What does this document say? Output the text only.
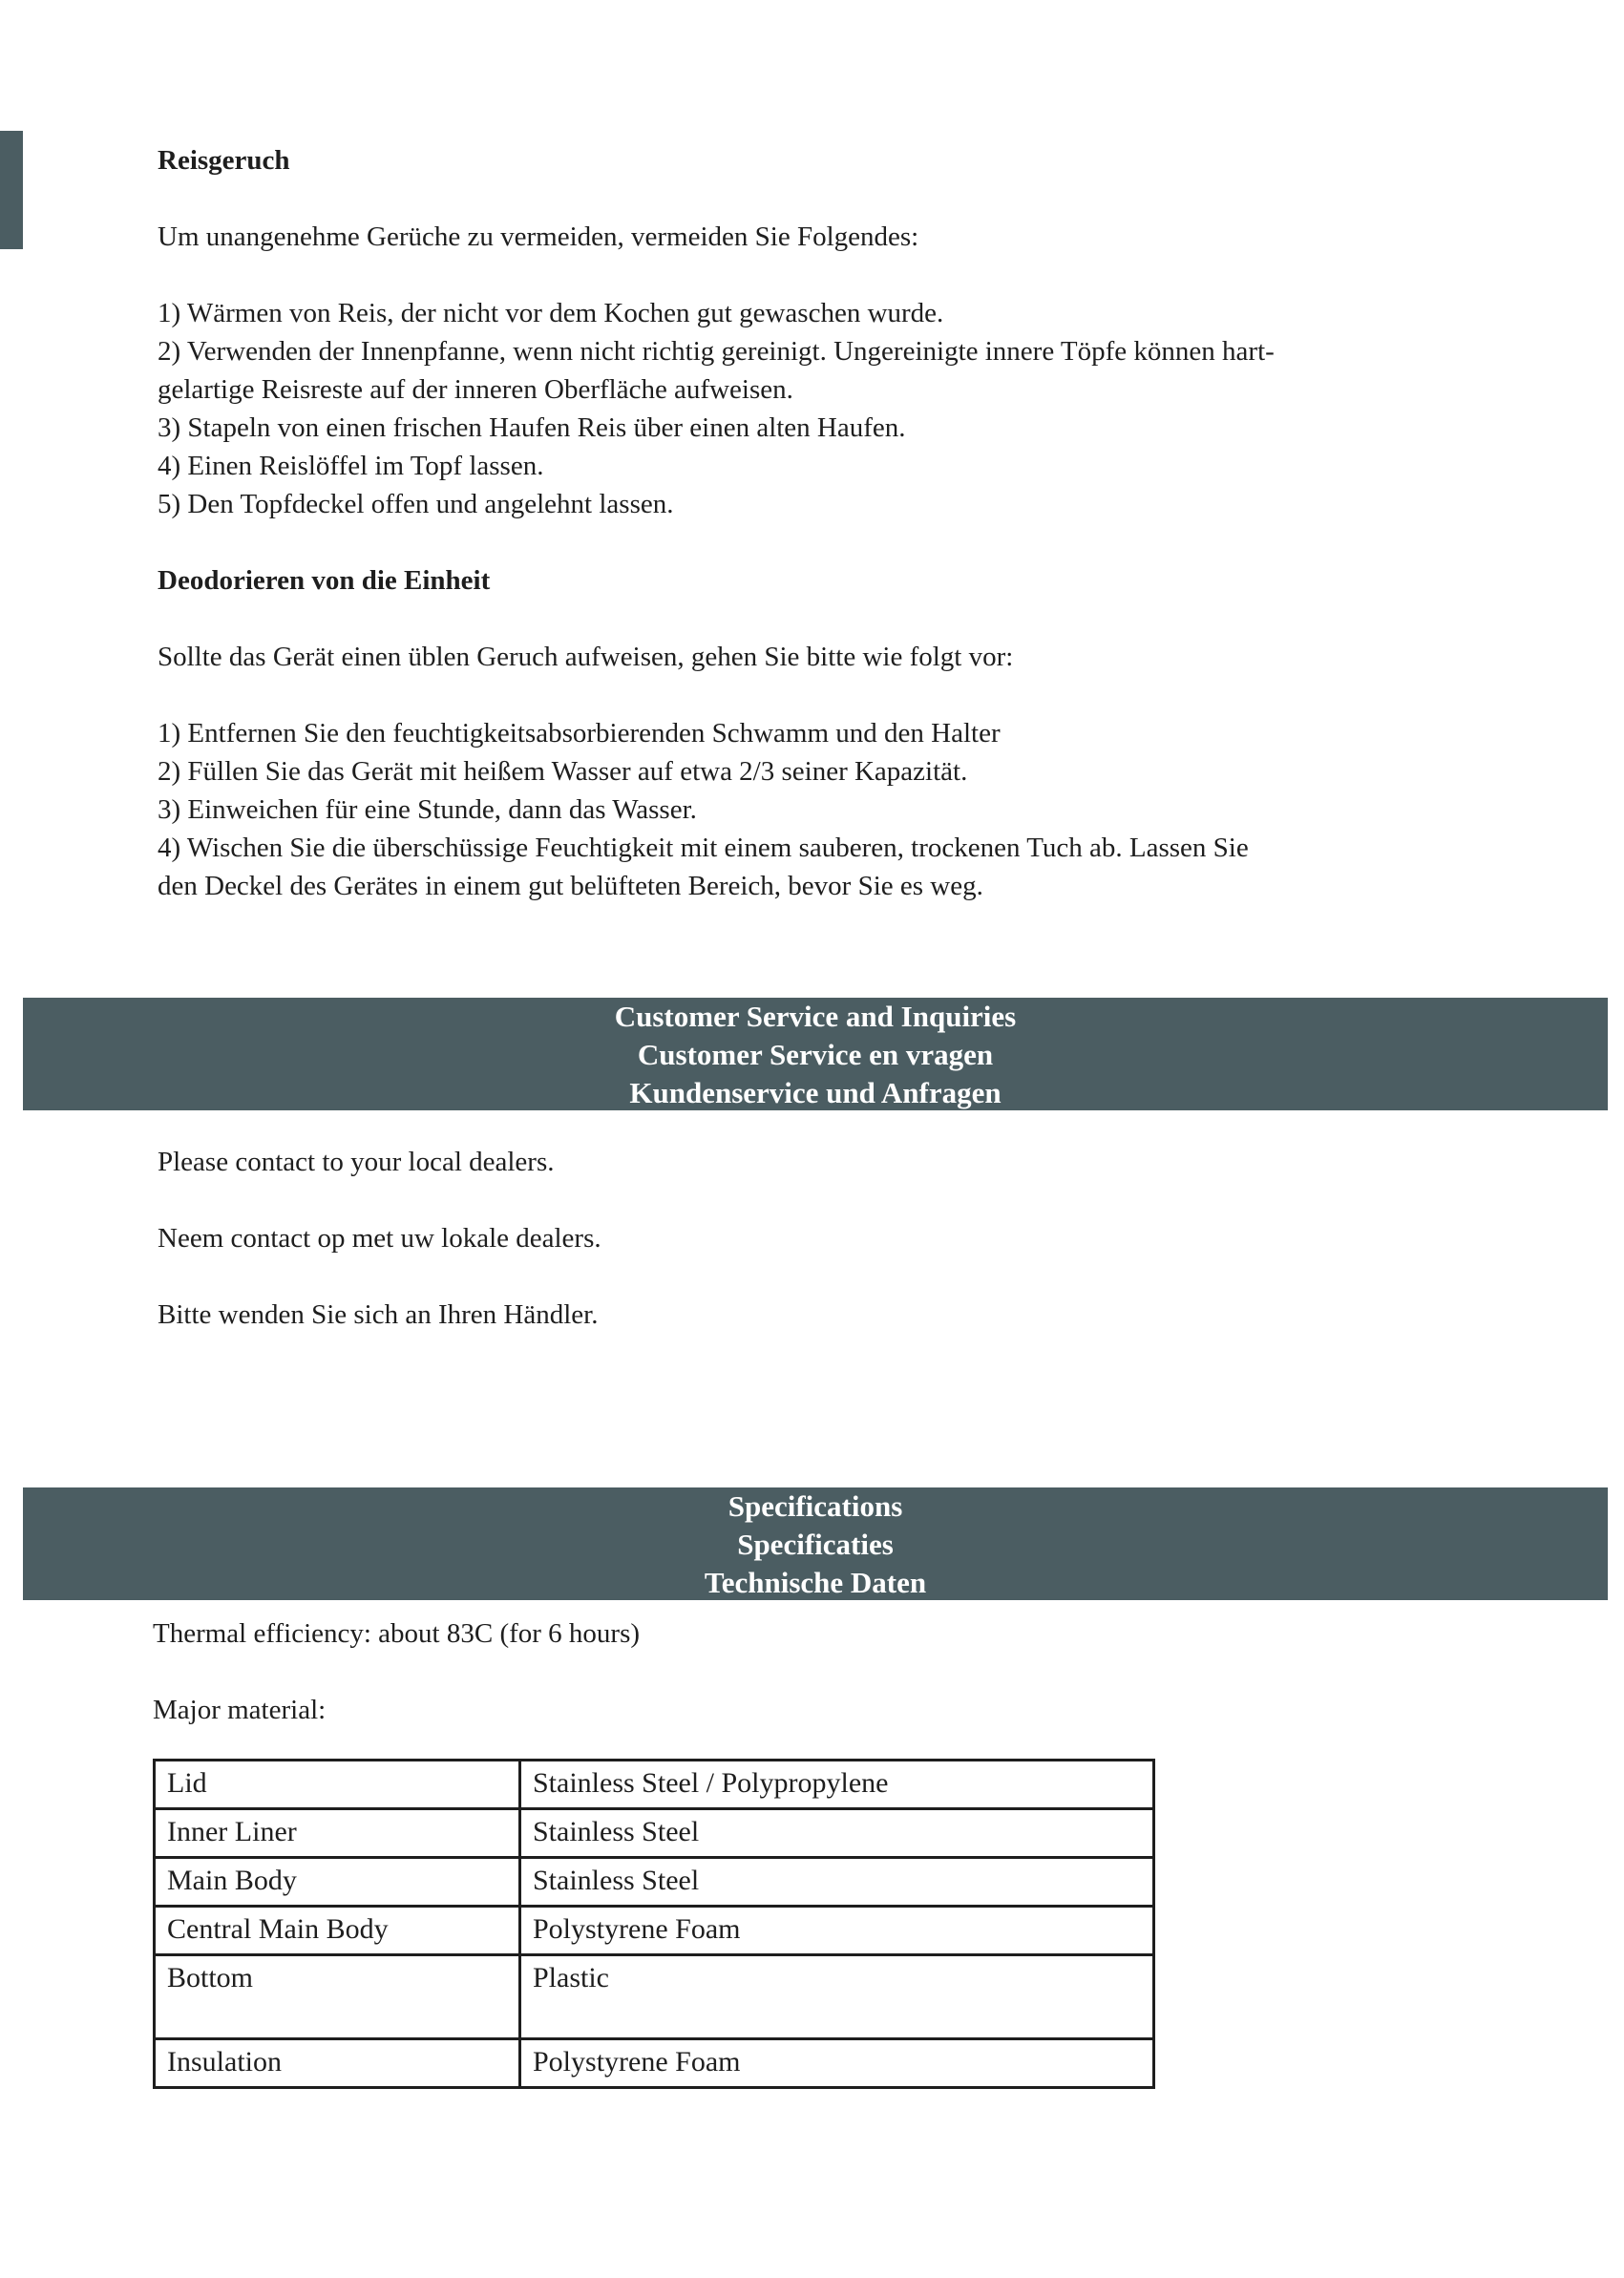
Reisgeruch

Um unangenehme Gerüche zu vermeiden, vermeiden Sie Folgendes:

1) Wärmen von Reis, der nicht vor dem Kochen gut gewaschen wurde.
2) Verwenden der Innenpfanne, wenn nicht richtig gereinigt. Ungereinigte innere Töpfe können hart-
gelartige Reisreste auf der inneren Oberfläche aufweisen.
3) Stapeln von einen frischen Haufen Reis über einen alten Haufen.
4) Einen Reislöffel im Topf lassen.
5) Den Topfdeckel offen und angelehnt lassen.

Deodorieren von die Einheit

Sollte das Gerät einen üblen Geruch aufweisen, gehen Sie bitte wie folgt vor:

1) Entfernen Sie den feuchtigkeitsabsorbierenden Schwamm und den Halter
2) Füllen Sie das Gerät mit heißem Wasser auf etwa 2/3 seiner Kapazität.
3) Einweichen für eine Stunde, dann das Wasser.
4) Wischen Sie die überschüssige Feuchtigkeit mit einem sauberen, trockenen Tuch ab. Lassen Sie
den Deckel des Gerätes in einem gut belüfteten Bereich, bevor Sie es weg.
Customer Service and Inquiries
Customer Service en vragen
Kundenservice und Anfragen

Please contact to your local dealers.

Neem contact op met uw lokale dealers.

Bitte wenden Sie sich an Ihren Händler.

Specifications
Specificaties
Technische Daten

Thermal efficiency: about 83C (for 6 hours)

Major material:

Lid	Stainless Steel / Polypropylene
Inner Liner	Stainless Steel
Main Body	Stainless Steel
Central Main Body	Polystyrene Foam
Bottom	Plastic
Insulation	Polystyrene Foam
